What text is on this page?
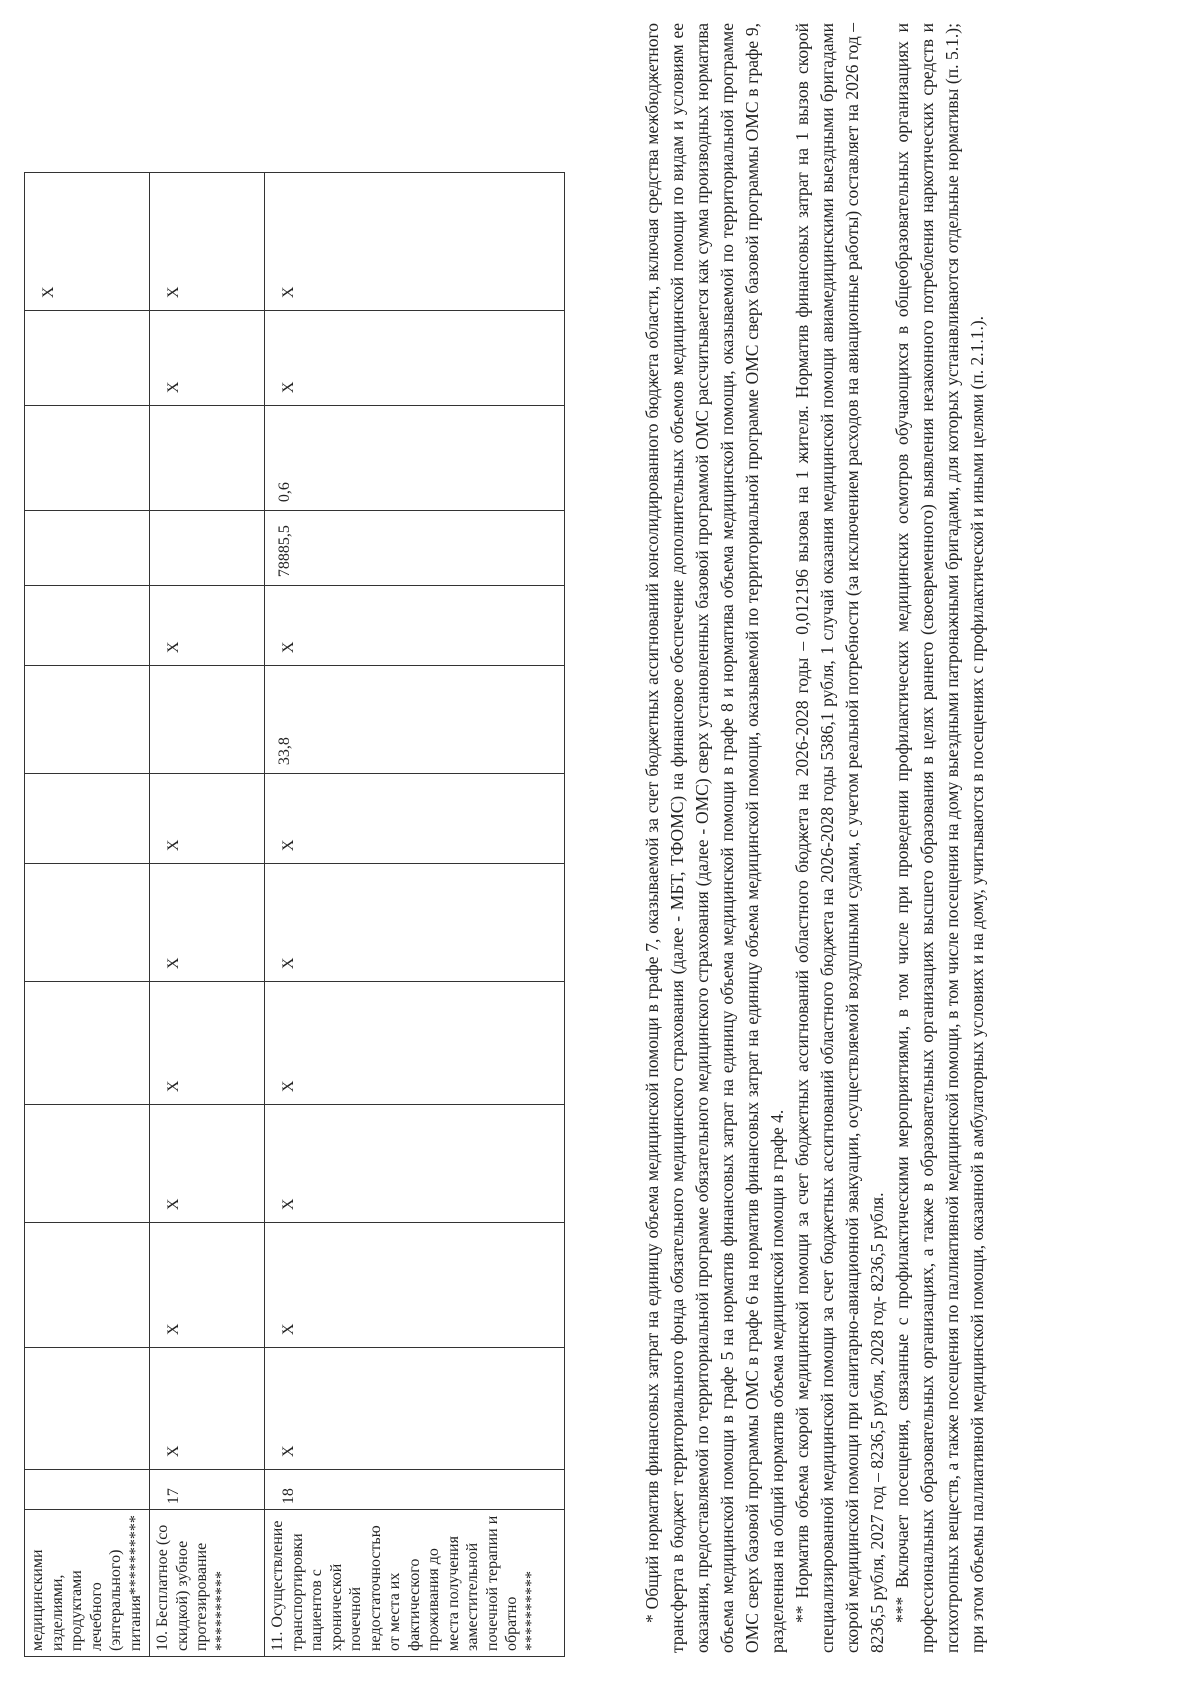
медицинскими изделиями, продуктами лечебного (энтерального) питания**********													X
10. Бесплатное (со скидкой) зубное протезирование **********	17	X	X	X	X	X	X		X			X	X
11. Осуществление транспортировки пациентов с хронической почечной недостаточностью от места их фактического проживания до места получения заместительной почечной терапии и обратно **********	18	X	X	X	X	X	X	33,8	X	78885,5	0,6	X	X	* Общий норматив финансовых затрат на единицу объема медицинской помощи в графе 7, оказываемой за счет бюджетных ассигнований консолидированного бюджета области, включая средства межбюджетного трансферта в бюджет территориального фонда обязательного медицинского страхования (далее - МБТ, ТФОМС) на финансовое обеспечение дополнительных объемов медицинской помощи по видам и условиям ее оказания, предоставляемой по территориальной программе обязательного медицинского страхования (далее - ОМС) сверх установленных базовой программой ОМС рассчитывается как сумма производных норматива объема медицинской помощи в графе 5 на норматив финансовых затрат на единицу объема медицинской помощи в графе 8 и норматива объема медицинской помощи, оказываемой по территориальной программе ОМС сверх базовой программы ОМС в графе 6 на норматив финансовых затрат на единицу объема медицинской помощи, оказываемой по территориальной программе ОМС сверх базовой программы ОМС в графе 9, разделенная на общий норматив объема медицинской помощи в графе 4. ** Норматив объема скорой медицинской помощи за счет бюджетных ассигнований областного бюджета на 2026-2028 годы – 0,012196 вызова на 1 жителя. Норматив финансовых затрат на 1 вызов скорой специализированной медицинской помощи за счет бюджетных ассигнований областного бюджета на 2026-2028 годы 5386,1 рубля, 1 случай оказания медицинской помощи авиамедицинскими выездными бригадами скорой медицинской помощи при санитарно-авиационной эвакуации, осуществляемой воздушными судами, с учетом реальной потребности (за исключением расходов на авиационные работы) составляет на 2026 год – 8236,5 рубля, 2027 год – 8236,5 рубля, 2028 год- 8236,5 рубля. *** Включает посещения, связанные с профилактическими мероприятиями, в том числе при проведении профилактических медицинских осмотров обучающихся в общеобразовательных организациях и профессиональных образовательных организациях, а также в образовательных организациях высшего образования в целях раннего (своевременного) выявления незаконного потребления наркотических средств и психотропных веществ, а также посещения по паллиативной медицинской помощи, в том числе посещения на дому выездными патронажными бригадами, для которых устанавливаются отдельные нормативы (п. 5.1.); при этом объемы паллиативной медицинской помощи, оказанной в амбулаторных условиях и на дому, учитываются в посещениях с профилактической и иными целями (п. 2.1.1.).
